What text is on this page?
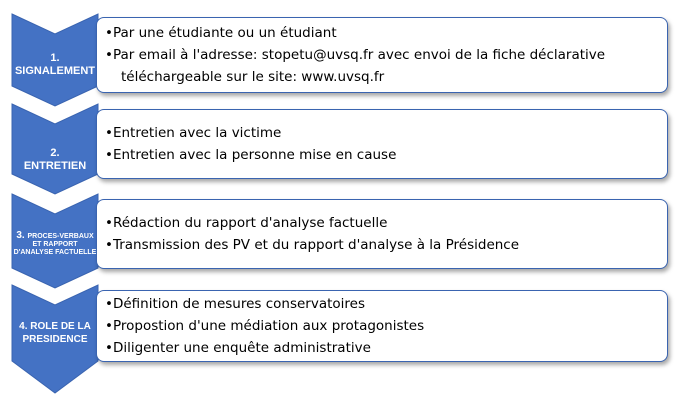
1.
SIGNALEMENT
•Par une étudiante ou un étudiant
•Par email à l'adresse: stopetu@uvsq.fr avec envoi de la fiche déclarative
téléchargeable sur le site: www.uvsq.fr
2.
ENTRETIEN
•Entretien avec la victime
•Entretien avec la personne mise en cause
3. PROCES-VERBAUX ET RAPPORT D'ANALYSE FACTUELLE
•Rédaction du rapport d'analyse factuelle
•Transmission des PV et du rapport d'analyse à la Présidence
4. ROLE DE LA PRESIDENCE
•Définition de mesures conservatoires
•Propostion d'une médiation aux protagonistes
•Diligenter une enquête administrative
